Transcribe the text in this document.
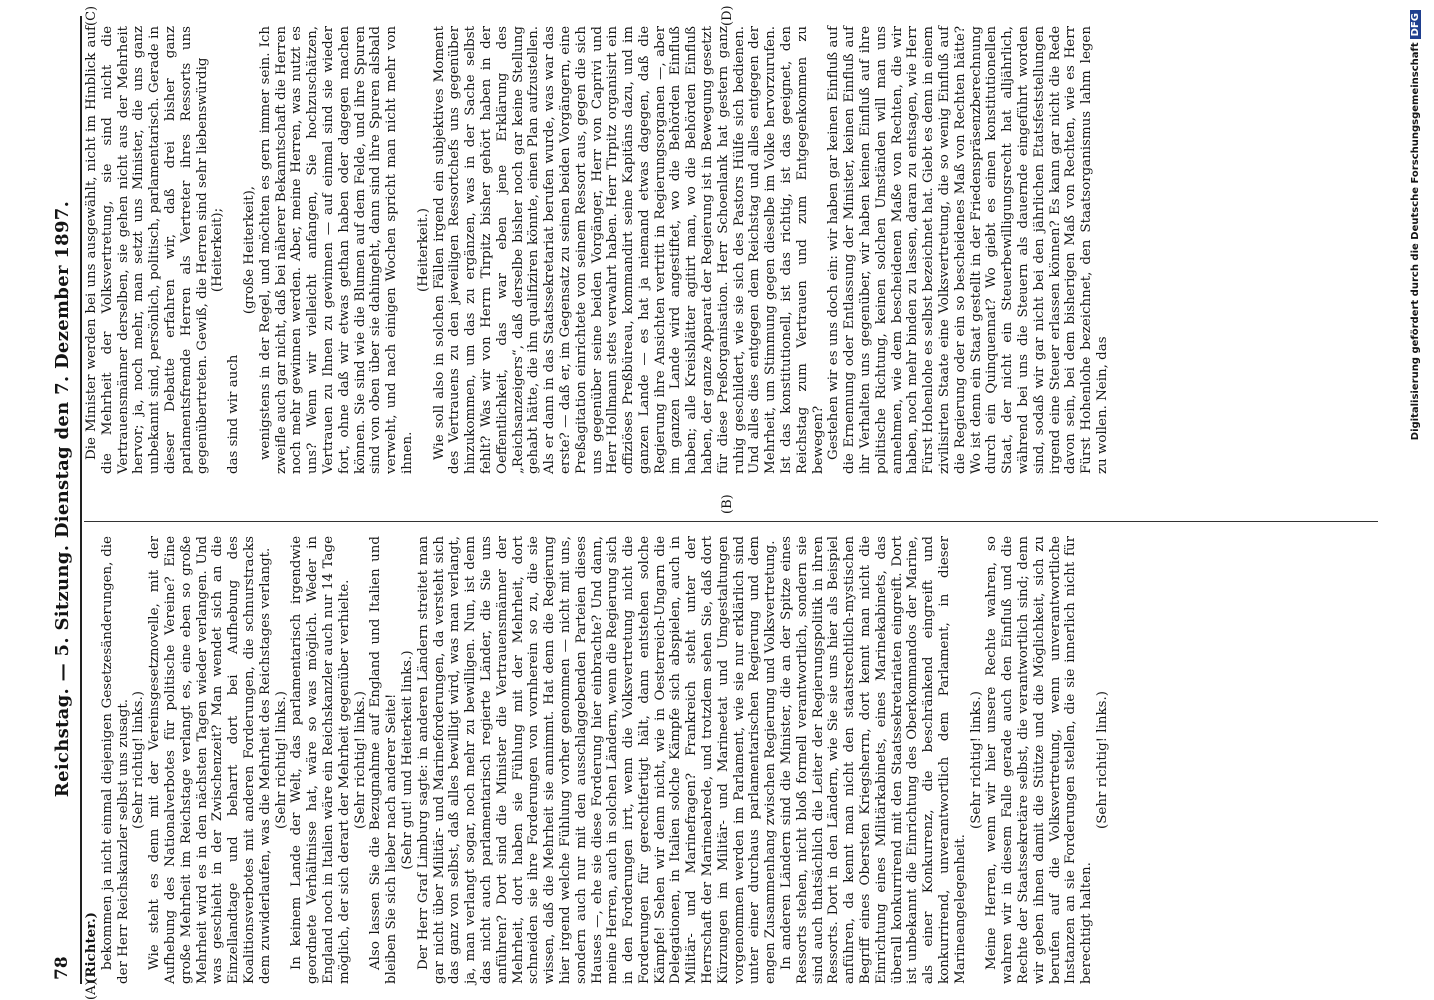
78
Reichstag. — 5. Sitzung. Dienstag den 7. Dezember 1897.

(Richter.) bekommen ja nicht einmal diejenigen Gesetzesänderungen, die der Herr Reichskanzler selbst uns zusagt. (Sehr richtig! links.) Wie steht es denn mit der Vereinsgesetznovelle, mit der Aufhebung des Nationalverbotes für politische Vereine? Eine große Mehrheit im Reichstage verlangt es, eine eben so große Mehrheit wird es in den nächsten Tagen wieder verlangen. Und was geschieht in der Zwischenzeit? Man wendet sich an die Einzellandtage und beharrt dort bei Aufhebung des Koalitionsverbotes mit anderen Forderungen, die schnurstracks dem zuwiderlaufen, was die Mehrheit des Reichstages verlangt. (Sehr richtig! links.) In keinem Lande der Welt, das parlamentarisch irgendwie geordnete Verhältnisse hat, wäre so was möglich. Weder in England noch in Italien wäre ein Reichskanzler auch nur 14 Tage möglich, der sich derart der Mehrheit gegenüber verhielte. (Sehr richtig! links.) Also lassen Sie die Bezugnahme auf England und Italien und bleiben Sie sich lieber nach anderer Seite! (Sehr gut! und Heiterkeit links.) Der Herr Graf Limburg sagte: in anderen Ländern streitet man gar nicht über Militär- und Marineforderungen, da versteht sich das ganz von selbst, daß alles bewilligt wird, was man verlangt, ja, man verlangt sogar, noch mehr zu bewilligen. Nun, ist denn das nicht auch parlamentarisch regierte Länder, die Sie uns anführen? Dort sind die Minister die Vertrauensmänner der Mehrheit, dort haben sie Fühlung mit der Mehrheit, dort schneiden sie ihre Forderungen von vornherein so zu, die sie wissen, daß die Mehrheit sie annimmt. Hat denn die Regierung hier irgend welche Fühlung vorher genommen — nicht mit uns, sondern auch nur mit den ausschlaggebenden Parteien dieses Hauses —, ehe sie diese Forderung hier einbrachte? Und dann, meine Herren, auch in solchen Ländern, wenn die Regierung sich in den Forderungen irrt, wenn die Volksvertretung nicht die Forderungen für gerechtfertigt hält, dann entstehen solche Kämpfe! Sehen wir denn nicht, wie in Oesterreich-Ungarn die Delegationen, in Italien solche Kämpfe sich abspielen, auch in Militär- und Marinefragen? Frankreich steht unter der Herrschaft der Marineabrede, und trotzdem sehen Sie, daß dort Kürzungen im Militär- und Marineetat und Umgestaltungen vorgenommen werden im Parlament, wie sie nur erklärlich sind unter einer durchaus parlamentarischen Regierung und dem engen Zusammenhang zwischen Regierung und Volksvertretung. In anderen Ländern sind die Minister, die an der Spitze eines Ressorts stehen, nicht bloß formell verantwortlich, sondern sie sind auch thatsächlich die Leiter der Regierungspolitik in ihren Ressorts. Dort in den Ländern, wie Sie sie uns hier als Beispiel anführen, da kennt man nicht den staatsrechtlich-mystischen Begriff eines Obersten Kriegsherrn, dort kennt man nicht die Einrichtung eines Militärkabinets, eines Marinekabinets, das überall konkurrirend mit den Staatssekretariaten eingreift. Dort ist unbekannt die Einrichtung des Oberkommandos der Marine, als einer Konkurrenz, die beschränkend eingreift und konkurrirend, unverantwortlich dem Parlament, in dieser Marineangelegenheit.

(Sehr richtig! links.) Meine Herren, wenn wir hier unsere Rechte wahren, so wahren wir in diesem Falle gerade auch den Einfluß und die Rechte der Staatssekretäre selbst, die verantwortlich sind; denn wir geben ihnen damit die Stütze und die Möglichkeit, sich zu berufen auf die Volksvertretung, wenn unverantwortliche Instanzen an sie Forderungen stellen, die sie innerlich nicht für berechtigt halten.

(Sehr richtig! links.)

Die Minister werden bei uns ausgewählt, nicht im Hinblick auf die Mehrheit der Volksvertretung, sie sind nicht die Vertrauensmänner derselben, sie gehen nicht aus der Mehrheit hervor; ja, noch mehr, man setzt uns Minister, die uns ganz unbekannt sind, persönlich, politisch, parlamentarisch. Gerade in dieser Debatte erfahren wir, daß drei bisher ganz parlamentsfremde Herren als Vertreter ihres Ressorts uns gegenübertreten. Gewiß, die Herren sind sehr liebenswürdig (Heiterkeit);

das sind wir auch

(große Heiterkeit), wenigstens in der Regel, und möchten es gern immer sein. Ich zweifle auch gar nicht, daß bei näherer Bekanntschaft die Herren noch mehr gewinnen werden. Aber, meine Herren, was nutzt es uns? Wenn wir vielleicht anfangen, Sie hochzuschätzen, Vertrauen zu Ihnen zu gewinnen — auf einmal sind sie wieder fort, ohne daß wir etwas gethan haben oder dagegen machen können. Sie sind wie die Blumen auf dem Felde, und ihre Spuren sind von oben über sie dahingeht, dann sind ihre Spuren alsbald verweht, und nach einigen Wochen spricht man nicht mehr von ihnen.

(Heiterkeit.) Wie soll also in solchen Fällen irgend ein subjektives Moment des Vertrauens zu den jeweiligen Ressortchefs uns gegenüber hinzukommen, um das zu ergänzen, was in der Sache selbst fehlt? Was wir von Herrn Tirpitz bisher gehört haben in der Oeffentlichkeit, das war eben jene Erklärung des „Reichsanzeigers“, daß derselbe bisher noch gar keine Stellung gehabt hätte, die ihn qualifiziren könnte, einen Plan aufzustellen. Als er dann in das Staatssekretariat berufen wurde, was war das erste? — daß er, im Gegensatz zu seinen beiden Vorgängern, eine Preßagitation einrichtete von seinem Ressort aus, gegen die sich uns gegenüber seine beiden Vorgänger, Herr von Caprivi und Herr Hollmann stets verwahrt haben. Herr Tirpitz organisirt ein offiziöses Preßbüreau, kommandirt seine Kapitäns dazu, und im ganzen Lande — es hat ja niemand etwas dagegen, daß die Regierung ihre Ansichten vertritt in Regierungsorganen —, aber im ganzen Lande wird angestiftet, wo die Behörden Einfluß haben; alle Kreisblätter agitirt man, wo die Behörden Einfluß haben, der ganze Apparat der Regierung ist in Bewegung gesetzt für diese Preßorganisation. Herr Schoenlank hat gestern ganz ruhig geschildert, wie sie sich des Pastors Hülfe sich bedienen. Und alles dies entgegen dem Reichstag und alles entgegen der Mehrheit, um Stimmung gegen dieselbe im Volke hervorzurufen. Ist das konstitutionell, ist das richtig, ist das geeignet, den Reichstag zum Vertrauen und zum Entgegenkommen zu bewegen? Gestehen wir es uns doch ein: wir haben gar keinen Einfluß auf die Ernennung oder Entlassung der Minister, keinen Einfluß auf ihr Verhalten uns gegenüber, wir haben keinen Einfluß auf ihre politische Richtung, keinen solchen Umständen will man uns annehmen, wie dem bescheidenen Maße von Rechten, die wir haben, noch mehr binden zu lassen, daran zu entsagen, wie Herr Fürst Hohenlohe es selbst bezeichnet hat. Giebt es denn in einem zivilisirten Staate eine Volksvertretung, die so wenig Einfluß auf die Regierung oder ein so bescheidenes Maß von Rechten hätte? Wo ist denn ein Staat gestellt in der Friedenspräsenzberechnung durch ein Quinquennat? Wo giebt es einen konstitutionellen Staat, der nicht ein Steuerbewilligungsrecht hat alljährlich, während bei uns die Steuern als dauernde eingeführt worden sind, sodaß wir gar nicht bei den jährlichen Etatsfeststellungen irgend eine Steuer erlassen können? Es kann gar nicht die Rede davon sein, bei dem bisherigen Maß von Rechten, wie es Herr Fürst Hohenlohe bezeichnet, den Staatsorganismus lahm legen zu wollen. Nein, das

(A)
(B)
(C)	(D)
Digitalisierung gefördert durch die Deutsche ForschungsgemeinschaftDFG
